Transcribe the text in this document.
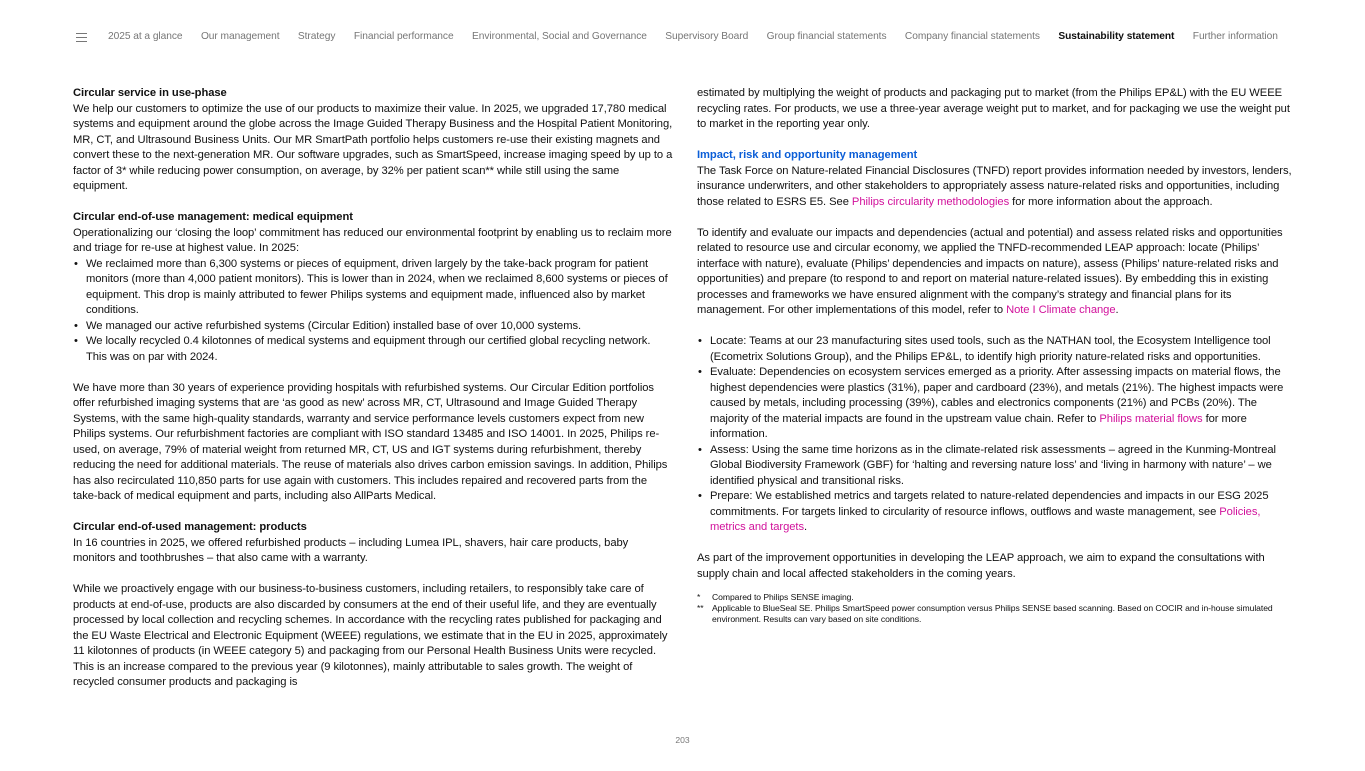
2025 at a glance Our management Strategy Financial performance Environmental, Social and Governance Supervisory Board Group financial statements Company financial statements Sustainability statement Further information

Circular service in use-phase

We help our customers to optimize the use of our products to maximize their value. In 2025, we upgraded 17,780 medical systems and equipment around the globe across the Image Guided Therapy Business and the Hospital Patient Monitoring, MR, CT, and Ultrasound Business Units. Our MR SmartPath portfolio helps customers re-use their existing magnets and convert these to the next-generation MR. Our software upgrades, such as SmartSpeed, increase imaging speed by up to a factor of 3* while reducing power consumption, on average, by 32% per patient scan** while still using the same equipment.

Circular end-of-use management: medical equipment

Operationalizing our ‘closing the loop’ commitment has reduced our environmental footprint by enabling us to reclaim more and triage for re-use at highest value. In 2025:

• We reclaimed more than 6,300 systems or pieces of equipment, driven largely by the take-back program for patient monitors (more than 4,000 patient monitors). This is lower than in 2024, when we reclaimed 8,600 systems or pieces of equipment. This drop is mainly attributed to fewer Philips systems and equipment made, influenced also by market conditions.
• We managed our active refurbished systems (Circular Edition) installed base of over 10,000 systems.
• We locally recycled 0.4 kilotonnes of medical systems and equipment through our certified global recycling network. This was on par with 2024.

We have more than 30 years of experience providing hospitals with refurbished systems. Our Circular Edition portfolios offer refurbished imaging systems that are ‘as good as new’ across MR, CT, Ultrasound and Image Guided Therapy Systems, with the same high-quality standards, warranty and service performance levels customers expect from new Philips systems. Our refurbishment factories are compliant with ISO standard 13485 and ISO 14001. In 2025, Philips re-used, on average, 79% of material weight from returned MR, CT, US and IGT systems during refurbishment, thereby reducing the need for additional materials. The reuse of materials also drives carbon emission savings. In addition, Philips has also recirculated 110,850 parts for use again with customers. This includes repaired and recovered parts from the take-back of medical equipment and parts, including also AllParts Medical.

Circular end-of-used management: products

In 16 countries in 2025, we offered refurbished products – including Lumea IPL, shavers, hair care products, baby monitors and toothbrushes – that also came with a warranty.

While we proactively engage with our business-to-business customers, including retailers, to responsibly take care of products at end-of-use, products are also discarded by consumers at the end of their useful life, and they are eventually processed by local collection and recycling schemes. In accordance with the recycling rates published for packaging and the EU Waste Electrical and Electronic Equipment (WEEE) regulations, we estimate that in the EU in 2025, approximately 11 kilotonnes of products (in WEEE category 5) and packaging from our Personal Health Business Units were recycled. This is an increase compared to the previous year (9 kilotonnes), mainly attributable to sales growth. The weight of recycled consumer products and packaging is

estimated by multiplying the weight of products and packaging put to market (from the Philips EP&L) with the EU WEEE recycling rates. For products, we use a three-year average weight put to market, and for packaging we use the weight put to market in the reporting year only.

Impact, risk and opportunity management

The Task Force on Nature-related Financial Disclosures (TNFD) report provides information needed by investors, lenders, insurance underwriters, and other stakeholders to appropriately assess nature-related risks and opportunities, including those related to ESRS E5. See Philips circularity methodologies for more information about the approach.

To identify and evaluate our impacts and dependencies (actual and potential) and assess related risks and opportunities related to resource use and circular economy, we applied the TNFD-recommended LEAP approach: locate (Philips’ interface with nature), evaluate (Philips’ dependencies and impacts on nature), assess (Philips’ nature-related risks and opportunities) and prepare (to respond to and report on material nature-related issues). By embedding this in existing processes and frameworks we have ensured alignment with the company’s strategy and financial plans for its management. For other implementations of this model, refer to Note I Climate change.

• Locate: Teams at our 23 manufacturing sites used tools, such as the NATHAN tool, the Ecosystem Intelligence tool (Ecometrix Solutions Group), and the Philips EP&L, to identify high priority nature-related risks and opportunities.
• Evaluate: Dependencies on ecosystem services emerged as a priority. After assessing impacts on material flows, the highest dependencies were plastics (31%), paper and cardboard (23%), and metals (21%). The highest impacts were caused by metals, including processing (39%), cables and electronics components (21%) and PCBs (20%). The majority of the material impacts are found in the upstream value chain. Refer to Philips material flows for more information.
• Assess: Using the same time horizons as in the climate-related risk assessments – agreed in the Kunming-Montreal Global Biodiversity Framework (GBF) for ‘halting and reversing nature loss’ and ‘living in harmony with nature’ – we identified physical and transitional risks.
• Prepare: We established metrics and targets related to nature-related dependencies and impacts in our ESG 2025 commitments. For targets linked to circularity of resource inflows, outflows and waste management, see Policies, metrics and targets.

As part of the improvement opportunities in developing the LEAP approach, we aim to expand the consultations with supply chain and local affected stakeholders in the coming years.

* Compared to Philips SENSE imaging.
** Applicable to BlueSeal SE. Philips SmartSpeed power consumption versus Philips SENSE based scanning. Based on COCIR and in-house simulated environment. Results can vary based on site conditions.
203
